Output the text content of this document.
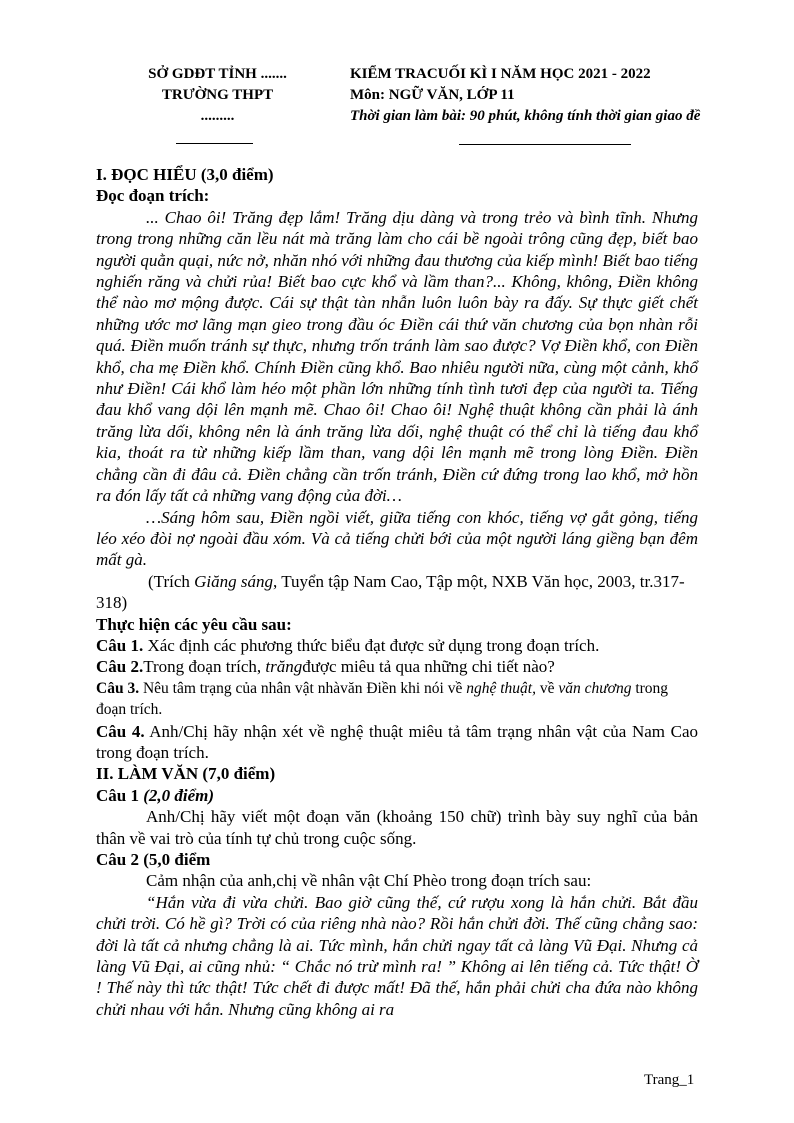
SỞ GDĐT TỈNH .......
TRƯỜNG THPT
.........
KIỂM TRACUỐI KÌ I NĂM HỌC 2021 - 2022
Môn: NGỮ VĂN, LỚP 11
Thời gian làm bài: 90 phút, không tính thời gian giao đề

I. ĐỌC HIỂU (3,0 điểm)

Đọc đoạn trích:

... Chao ôi! Trăng đẹp lắm! Trăng dịu dàng và trong trẻo và bình tĩnh. Nhưng trong trong những căn lều nát mà trăng làm cho cái bề ngoài trông cũng đẹp, biết bao người quằn quại, nức nở, nhăn nhó với những đau thương của kiếp mình! Biết bao tiếng nghiến răng và chửi rủa! Biết bao cực khổ và lầm than?... Không, không, Điền không thể nào mơ mộng được. Cái sự thật tàn nhẫn luôn luôn bày ra đấy. Sự thực giết chết những ước mơ lãng mạn gieo trong đầu óc Điền cái thứ văn chương của bọn nhàn rỗi quá. Điền muốn tránh sự thực, nhưng trốn tránh làm sao được? Vợ Điền khổ, con Điền khổ, cha mẹ Điền khổ. Chính Điền cũng khổ. Bao nhiêu người nữa, cùng một cảnh, khổ như Điền! Cái khổ làm héo một phần lớn những tính tình tươi đẹp của người ta. Tiếng đau khổ vang dội lên mạnh mẽ. Chao ôi! Chao ôi! Nghệ thuật không cần phải là ánh trăng lừa dối, không nên là ánh trăng lừa dối, nghệ thuật có thể chỉ là tiếng đau khổ kia, thoát ra từ những kiếp lầm than, vang dội lên mạnh mẽ trong lòng Điền. Điền chẳng cần đi đâu cả. Điền chẳng cần trốn tránh, Điền cứ đứng trong lao khổ, mở hồn ra đón lấy tất cả những vang động của đời…

…Sáng hôm sau, Điền ngồi viết, giữa tiếng con khóc, tiếng vợ gắt gỏng, tiếng léo xéo đòi nợ ngoài đầu xóm. Và cả tiếng chửi bới của một người láng giềng bạn đêm mất gà.

(Trích Giăng sáng, Tuyển tập Nam Cao, Tập một, NXB Văn học, 2003, tr.317-318)

Thực hiện các yêu cầu sau:

Câu 1. Xác định các phương thức biểu đạt được sử dụng trong đoạn trích.

Câu 2.Trong đoạn trích, trăngđược miêu tả qua những chi tiết nào?

Câu 3. Nêu tâm trạng của nhân vật nhàvăn Điền khi nói về nghệ thuật, về văn chương trong đoạn trích.

Câu 4. Anh/Chị hãy nhận xét về nghệ thuật miêu tả tâm trạng nhân vật của Nam Cao trong đoạn trích.

II. LÀM VĂN (7,0 điểm)

Câu 1 (2,0 điểm)

Anh/Chị hãy viết một đoạn văn (khoảng 150 chữ) trình bày suy nghĩ của bản thân về vai trò của tính tự chủ trong cuộc sống.

Câu 2 (5,0 điểm

Cảm nhận của anh,chị về nhân vật Chí Phèo trong đoạn trích sau:

“Hắn vừa đi vừa chửi. Bao giờ cũng thế, cứ rượu xong là hắn chửi. Bắt đầu chửi trời. Có hề gì? Trời có của riêng nhà nào? Rồi hắn chửi đời. Thế cũng chẳng sao: đời là tất cả nhưng chẳng là ai. Tức mình, hắn chửi ngay tất cả làng Vũ Đại. Nhưng cả làng Vũ Đại, ai cũng nhủ: “ Chắc nó trừ mình ra! ” Không ai lên tiếng cả. Tức thật! Ờ ! Thế này thì tức thật! Tức chết đi được mất! Đã thế, hắn phải chửi cha đứa nào không chửi nhau với hắn. Nhưng cũng không ai ra

Trang_1
